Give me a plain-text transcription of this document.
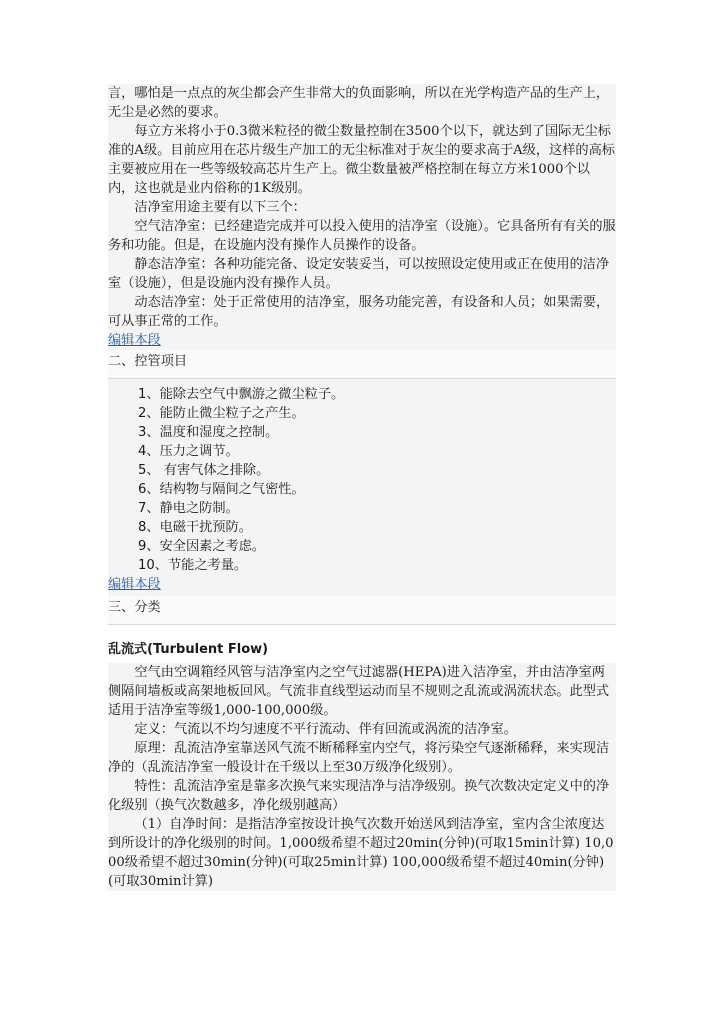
言，哪怕是一点点的灰尘都会产生非常大的负面影响，所以在光学构造产品的生产上，无尘是必然的要求。

每立方米将小于0.3微米粒径的微尘数量控制在3500个以下，就达到了国际无尘标准的A级。目前应用在芯片级生产加工的无尘标准对于灰尘的要求高于A级，这样的高标主要被应用在一些等级较高芯片生产上。微尘数量被严格控制在每立方米1000个以内，这也就是业内俗称的1K级别。

洁净室用途主要有以下三个：

空气洁净室：已经建造完成并可以投入使用的洁净室（设施）。它具备所有有关的服务和功能。但是，在设施内没有操作人员操作的设备。

静态洁净室：各种功能完备、设定安装妥当，可以按照设定使用或正在使用的洁净室（设施），但是设施内没有操作人员。

动态洁净室：处于正常使用的洁净室，服务功能完善，有设备和人员；如果需要，可从事正常的工作。

编辑本段
二、控管项目
1、能除去空气中飘游之微尘粒子。
2、能防止微尘粒子之产生。
3、温度和湿度之控制。
4、压力之调节。
5、 有害气体之排除。
6、结构物与隔间之气密性。
7、静电之防制。
8、电磁干扰预防。
9、安全因素之考虑。
10、节能之考量。
编辑本段
三、分类
乱流式(Turbulent Flow)

空气由空调箱经风管与洁净室内之空气过滤器(HEPA)进入洁净室，并由洁净室两侧隔间墙板或高架地板回风。气流非直线型运动而呈不规则之乱流或涡流状态。此型式适用于洁净室等级1,000-100,000级。

定义：气流以不均匀速度不平行流动、伴有回流或涡流的洁净室。

原理：乱流洁净室靠送风气流不断稀释室内空气，将污染空气逐渐稀释，来实现洁净的（乱流洁净室一般设计在千级以上至30万级净化级别）。

特性：乱流洁净室是靠多次换气来实现洁净与洁净级别。换气次数决定定义中的净化级别（换气次数越多，净化级别越高）

（1）自净时间：是指洁净室按设计换气次数开始送风到洁净室，室内含尘浓度达到所设计的净化级别的时间。1,000级希望不超过20min(分钟)(可取15min计算) 10,000级希望不超过30min(分钟)(可取25min计算) 100,000级希望不超过40min(分钟)(可取30min计算)
